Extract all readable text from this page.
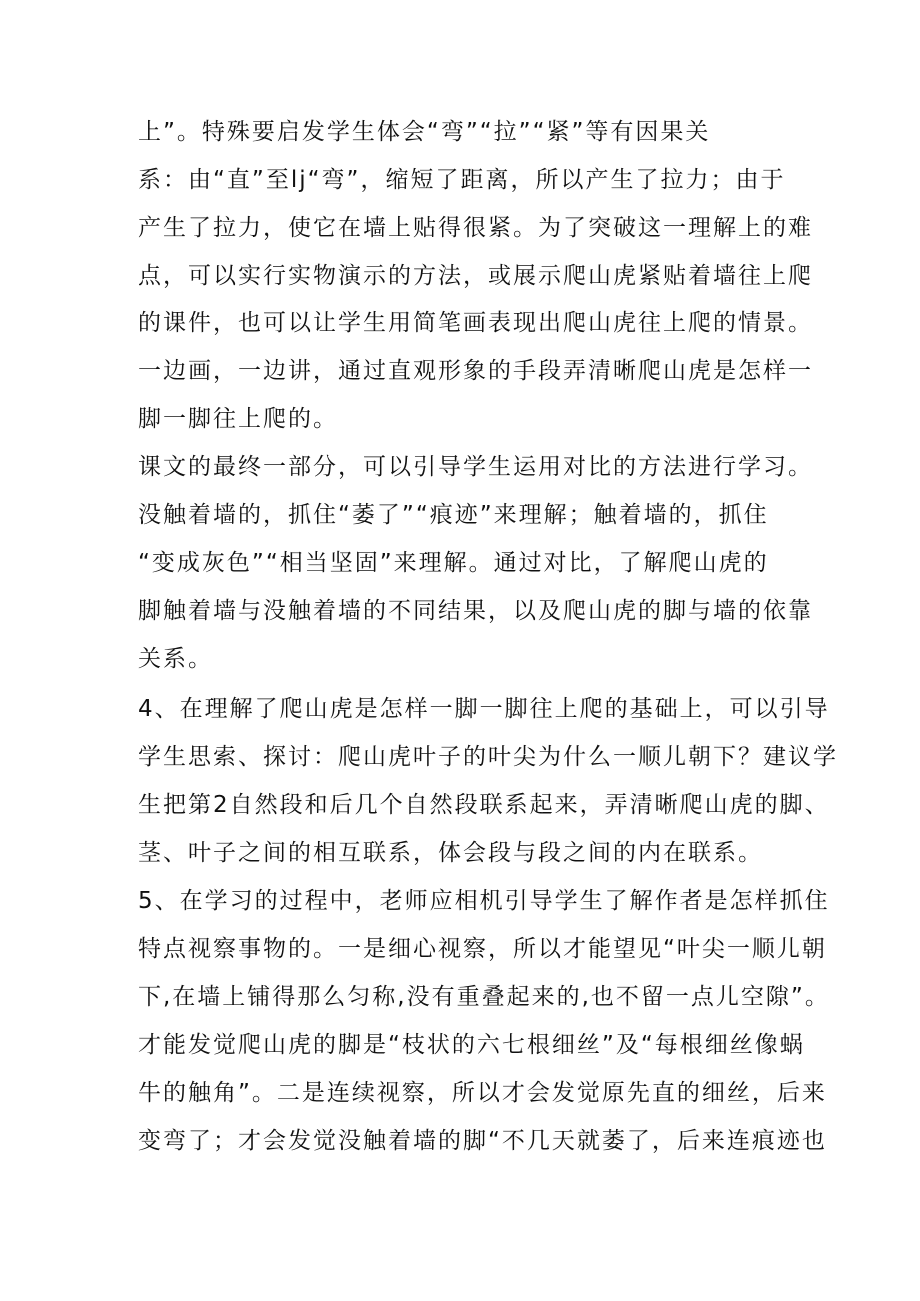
上”。特殊要启发学生体会“弯”“拉”“紧”等有因果关
系：由“直”至lj“弯”，缩短了距离，所以产生了拉力；由于
产生了拉力，使它在墙上贴得很紧。为了突破这一理解上的难
点，可以实行实物演示的方法，或展示爬山虎紧贴着墙往上爬
的课件，也可以让学生用简笔画表现出爬山虎往上爬的情景。
一边画，一边讲，通过直观形象的手段弄清晰爬山虎是怎样一
脚一脚往上爬的。
课文的最终一部分，可以引导学生运用对比的方法进行学习。
没触着墙的，抓住“萎了”“痕迹”来理解；触着墙的，抓住
“变成灰色”“相当坚固”来理解。通过对比，了解爬山虎的
脚触着墙与没触着墙的不同结果，以及爬山虎的脚与墙的依靠
关系。
4、在理解了爬山虎是怎样一脚一脚往上爬的基础上，可以引导
学生思索、探讨：爬山虎叶子的叶尖为什么一顺儿朝下？建议学
生把第2自然段和后几个自然段联系起来，弄清晰爬山虎的脚、
茎、叶子之间的相互联系，体会段与段之间的内在联系。
5、在学习的过程中，老师应相机引导学生了解作者是怎样抓住
特点视察事物的。一是细心视察，所以才能望见“叶尖一顺儿朝
下,在墙上铺得那么匀称,没有重叠起来的,也不留一点儿空隙”。
才能发觉爬山虎的脚是“枝状的六七根细丝”及“每根细丝像蜗
牛的触角”。二是连续视察，所以才会发觉原先直的细丝，后来
变弯了；才会发觉没触着墙的脚“不几天就萎了，后来连痕迹也
